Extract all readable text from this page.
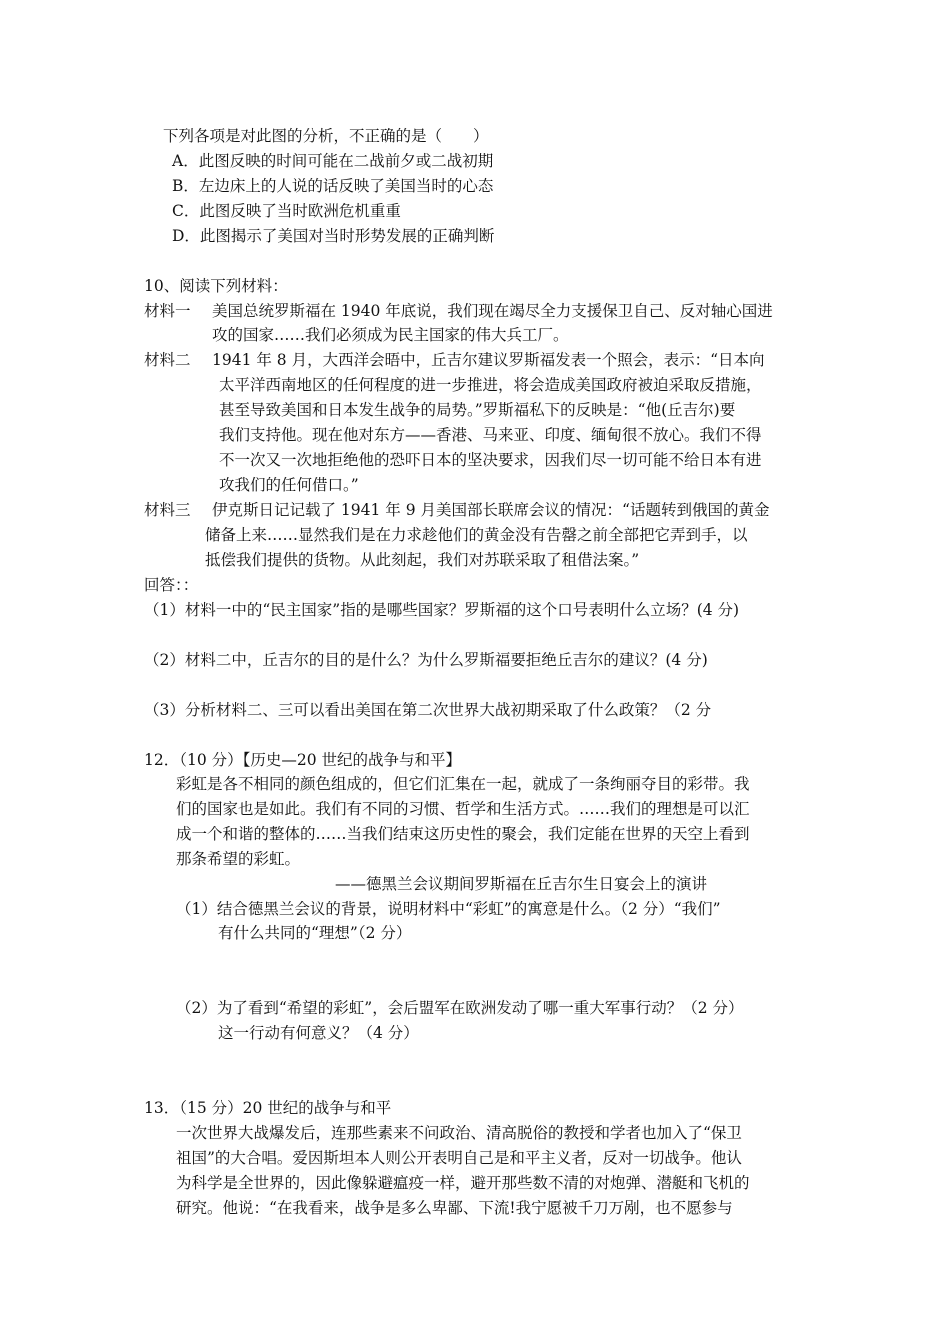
下列各项是对此图的分析，不正确的是（　　）
A．此图反映的时间可能在二战前夕或二战初期
B．左边床上的人说的话反映了美国当时的心态
C．此图反映了当时欧洲危机重重
D．此图揭示了美国对当时形势发展的正确判断
10、阅读下列材料：
材料一 美国总统罗斯福在 1940 年底说，我们现在竭尽全力支援保卫自己、反对轴心国进
攻的国家……我们必须成为民主国家的伟大兵工厂。
材料二 1941 年 8 月，大西洋会晤中，丘吉尔建议罗斯福发表一个照会，表示：“日本向
太平洋西南地区的任何程度的进一步推进，将会造成美国政府被迫采取反措施，
甚至导致美国和日本发生战争的局势。”罗斯福私下的反映是：“他(丘吉尔)要
我们支持他。现在他对东方——香港、马来亚、印度、缅甸很不放心。我们不得
不一次又一次地拒绝他的恐吓日本的坚决要求，因我们尽一切可能不给日本有进
攻我们的任何借口。”
材料三 伊克斯日记记载了 1941 年 9 月美国部长联席会议的情况：“话题转到俄国的黄金
储备上来……显然我们是在力求趁他们的黄金没有告罄之前全部把它弄到手，以
抵偿我们提供的货物。从此刻起，我们对苏联采取了租借法案。”
回答：：
（1）材料一中的“民主国家”指的是哪些国家？罗斯福的这个口号表明什么立场？(4 分)
（2）材料二中，丘吉尔的目的是什么？为什么罗斯福要拒绝丘吉尔的建议？(4 分)
（3）分析材料二、三可以看出美国在第二次世界大战初期采取了什么政策？（2 分
12．（10 分）【历史—20 世纪的战争与和平】
彩虹是各不相同的颜色组成的，但它们汇集在一起，就成了一条绚丽夺目的彩带。我
们的国家也是如此。我们有不同的习惯、哲学和生活方式。……我们的理想是可以汇
成一个和谐的整体的……当我们结束这历史性的聚会，我们定能在世界的天空上看到
那条希望的彩虹。
——德黑兰会议期间罗斯福在丘吉尔生日宴会上的演讲
（1）结合德黑兰会议的背景，说明材料中“彩虹”的寓意是什么。（2 分）“我们”
有什么共同的“理想”（2 分）
（2）为了看到“希望的彩虹”，会后盟军在欧洲发动了哪一重大军事行动？（2 分）
这一行动有何意义？（4 分）
13．（15 分）20 世纪的战争与和平
一次世界大战爆发后，连那些素来不问政治、清高脱俗的教授和学者也加入了“保卫
祖国”的大合唱。爱因斯坦本人则公开表明自己是和平主义者，反对一切战争。他认
为科学是全世界的，因此像躲避瘟疫一样，避开那些数不清的对炮弹、潜艇和飞机的
研究。他说：“在我看来，战争是多么卑鄙、下流!我宁愿被千刀万剐，也不愿参与
